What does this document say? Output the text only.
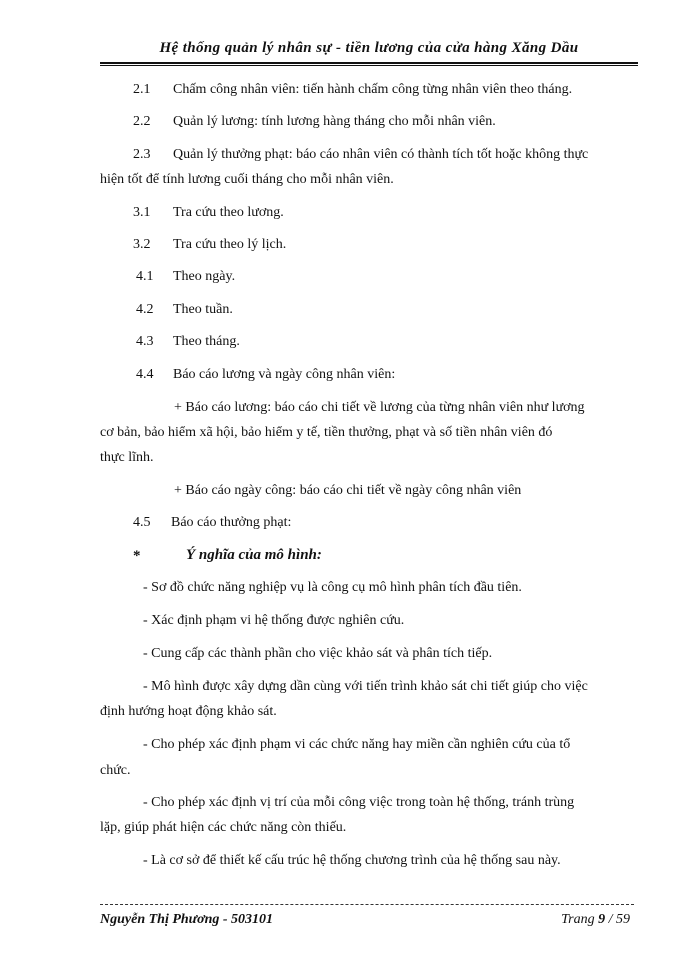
Hệ thống quản lý nhân sự - tiền lương của cửa hàng Xăng Dầu
2.1 Chấm công nhân viên: tiến hành chấm công từng nhân viên theo tháng.
2.2 Quản lý lương: tính lương hàng tháng cho mỗi nhân viên.
2.3 Quản lý thưởng phạt: báo cáo nhân viên có thành tích tốt hoặc không thực
hiện tốt để tính lương cuối tháng cho mỗi nhân viên.
3.1 Tra cứu theo lương.
3.2 Tra cứu theo lý lịch.
4.1 Theo ngày.
4.2 Theo tuần.
4.3 Theo tháng.
4.4 Báo cáo lương và ngày công nhân viên:
+ Báo cáo lương: báo cáo chi tiết về lương của từng nhân viên như lương
cơ bản, bảo hiểm xã hội, bảo hiểm y tế, tiền thưởng, phạt và số tiền nhân viên đó
thực lĩnh.
+ Báo cáo ngày công: báo cáo chi tiết về ngày công nhân viên
4.5 Báo cáo thưởng phạt:
*	Ý nghĩa của mô hình:
- Sơ đồ chức năng nghiệp vụ là công cụ mô hình phân tích đầu tiên.
- Xác định phạm vi hệ thống được nghiên cứu.
- Cung cấp các thành phần cho việc khảo sát và phân tích tiếp.
- Mô hình được xây dựng dần cùng với tiến trình khảo sát chi tiết giúp cho việc
định hướng hoạt động khảo sát.
- Cho phép xác định phạm vi các chức năng hay miền cần nghiên cứu của tổ
chức.
- Cho phép xác định vị trí của mỗi công việc trong toàn hệ thống, tránh trùng
lặp, giúp phát hiện các chức năng còn thiếu.
- Là cơ sở để thiết kế cấu trúc hệ thống chương trình của hệ thống sau này.
Nguyễn Thị Phương - 503101	Trang 9 / 59
